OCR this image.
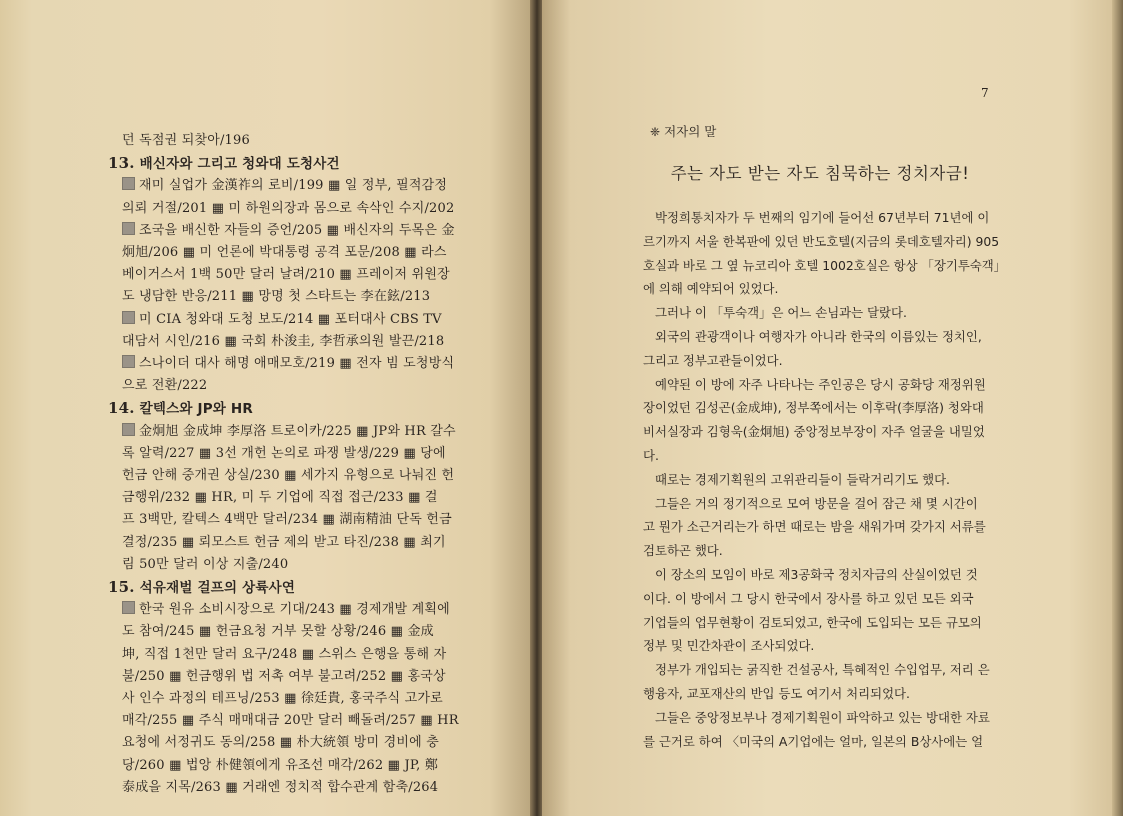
던 독점권 되찾아/196
13. 배신자와 그리고 청와대 도청사건
재미 실업가 金漢祚의 로비/199 ▦ 일 정부, 필적감정
의뢰 거절/201 ▦ 미 하원의장과 몸으로 속삭인 수지/202
조국을 배신한 자들의 증언/205 ▦ 배신자의 두목은 金
炯旭/206 ▦ 미 언론에 박대통령 공격 포문/208 ▦ 라스
베이거스서 1백 50만 달러 날려/210 ▦ 프레이저 위원장
도 냉담한 반응/211 ▦ 망명 첫 스타트는 李在鉉/213
미 CIA 청와대 도청 보도/214 ▦ 포터대사 CBS TV
대담서 시인/216 ▦ 국회 朴浚圭, 李哲承의원 발끈/218
스나이더 대사 해명 애매모호/219 ▦ 전자 빔 도청방식
으로 전환/222
14. 칼텍스와 JP와 HR
金炯旭 金成坤 李厚洛 트로이카/225 ▦ JP와 HR 갈수
록 알력/227 ▦ 3선 개헌 논의로 파쟁 발생/229 ▦ 당에
헌금 안해 중개권 상실/230 ▦ 세가지 유형으로 나눠진 헌
금행위/232 ▦ HR, 미 두 기업에 직접 접근/233 ▦ 걸
프 3백만, 칼텍스 4백만 달러/234 ▦ 湖南精油 단독 헌금
결정/235 ▦ 뢰모스트 헌금 제의 받고 타진/238 ▦ 최기
림 50만 달러 이상 지출/240
15. 석유재벌 걸프의 상륙사연
한국 원유 소비시장으로 기대/243 ▦ 경제개발 계획에
도 참여/245 ▦ 헌금요청 거부 못할 상황/246 ▦ 金成
坤, 직접 1천만 달러 요구/248 ▦ 스위스 은행을 통해 자
불/250 ▦ 헌금행위 법 저촉 여부 불고려/252 ▦ 홍국상
사 인수 과정의 테프닝/253 ▦ 徐廷貴, 홍국주식 고가로
매각/255 ▦ 주식 매매대금 20만 달러 빼돌려/257 ▦ HR
요청에 서정귀도 동의/258 ▦ 朴大統領 방미 경비에 충
당/260 ▦ 법앙 朴健領에게 유조선 매각/262 ▦ JP, 鄭
泰成을 지목/263 ▦ 거래엔 정치적 합수관계 함축/264
7
❈ 저자의 말
주는 자도 받는 자도 침묵하는 정치자금!
박정희통치자가 두 번째의 임기에 들어선 67년부터 71년에 이
르기까지 서울 한복판에 있던 반도호텔(지금의 롯데호텔자리) 905
호실과 바로 그 옆 뉴코리아 호텔 1002호실은 항상 「장기투숙객」
에 의해 예약되어 있었다.
그러나 이 「투숙객」은 어느 손님과는 달랐다.
외국의 관광객이나 여행자가 아니라 한국의 이름있는 정치인,
그리고 정부고관들이었다.
예약된 이 방에 자주 나타나는 주인공은 당시 공화당 재정위원
장이었던 김성곤(金成坤), 정부쪽에서는 이후락(李厚洛) 청와대
비서실장과 김형욱(金炯旭) 중앙정보부장이 자주 얼굴을 내밀었
다.
때로는 경제기획원의 고위관리들이 들락거리기도 했다.
그들은 거의 정기적으로 모여 방문을 걸어 잠근 채 몇 시간이
고 뭔가 소근거리는가 하면 때로는 밤을 새워가며 갖가지 서류를
검토하곤 했다.
이 장소의 모임이 바로 제3공화국 정치자금의 산실이었던 것
이다. 이 방에서 그 당시 한국에서 장사를 하고 있던 모든 외국
기업들의 업무현황이 검토되었고, 한국에 도입되는 모든 규모의
정부 및 민간차관이 조사되었다.
정부가 개입되는 굵직한 건설공사, 특혜적인 수입업무, 저리 은
행융자, 교포재산의 반입 등도 여기서 처리되었다.
그들은 중앙정보부나 경제기획원이 파악하고 있는 방대한 자료
를 근거로 하여 〈미국의 A기업에는 얼마, 일본의 B상사에는 얼
